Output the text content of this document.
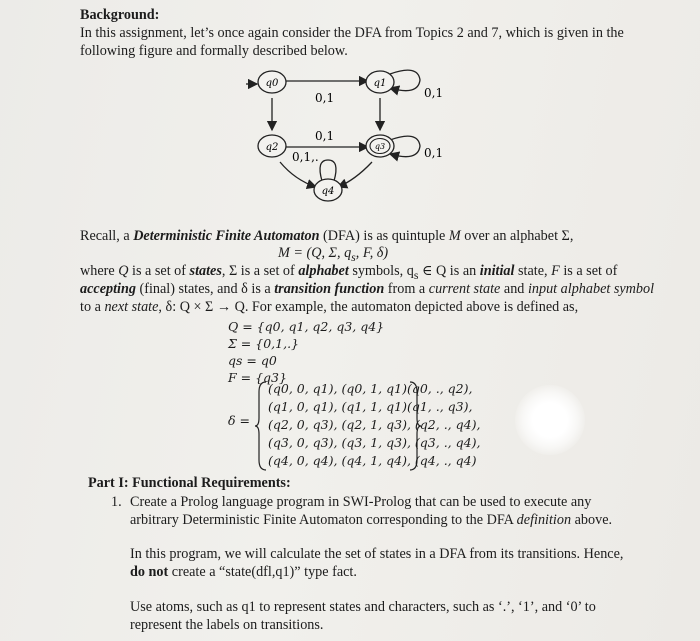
Background:
In this assignment, let’s once again consider the DFA from Topics 2 and 7, which is given in the
following figure and formally described below.
q0	q1
q2	q3
q4
0,1	0,1
0,1
0,1,.	0,1
Recall, a Deterministic Finite Automaton (DFA) is as quintuple M over an alphabet Σ,
M = (Q, Σ, $q_s$, F, δ)
where Q is a set of states, Σ is a set of alphabet symbols, $q_s$ ∈ Q is an initial state, F is a set of
accepting (final) states, and δ is a transition function from a current state and input alphabet symbol
to a next state, δ: Q × Σ → Q. For example, the automaton depicted above is defined as,
Q = {q0, q1, q2, q3, q4}
Σ = {0,1,.}
qs = q0
F = {q3}
δ =
(q0, 0, q1), (q0, 1, q1)(q0, ., q2),
(q1, 0, q1), (q1, 1, q1)(q1, ., q3),
(q2, 0, q3), (q2, 1, q3), (q2, ., q4),
(q3, 0, q3), (q3, 1, q3), (q3, ., q4),
(q4, 0, q4), (q4, 1, q4), (q4, ., q4)
Part I: Functional Requirements:
1. Create a Prolog language program in SWI-Prolog that can be used to execute any
arbitrary Deterministic Finite Automaton corresponding to the DFA definition above.
In this program, we will calculate the set of states in a DFA from its transitions. Hence,
do not create a “state(dfl,q1)” type fact.
Use atoms, such as q1 to represent states and characters, such as ‘.’, ‘1’, and ‘0’ to
represent the labels on transitions.
